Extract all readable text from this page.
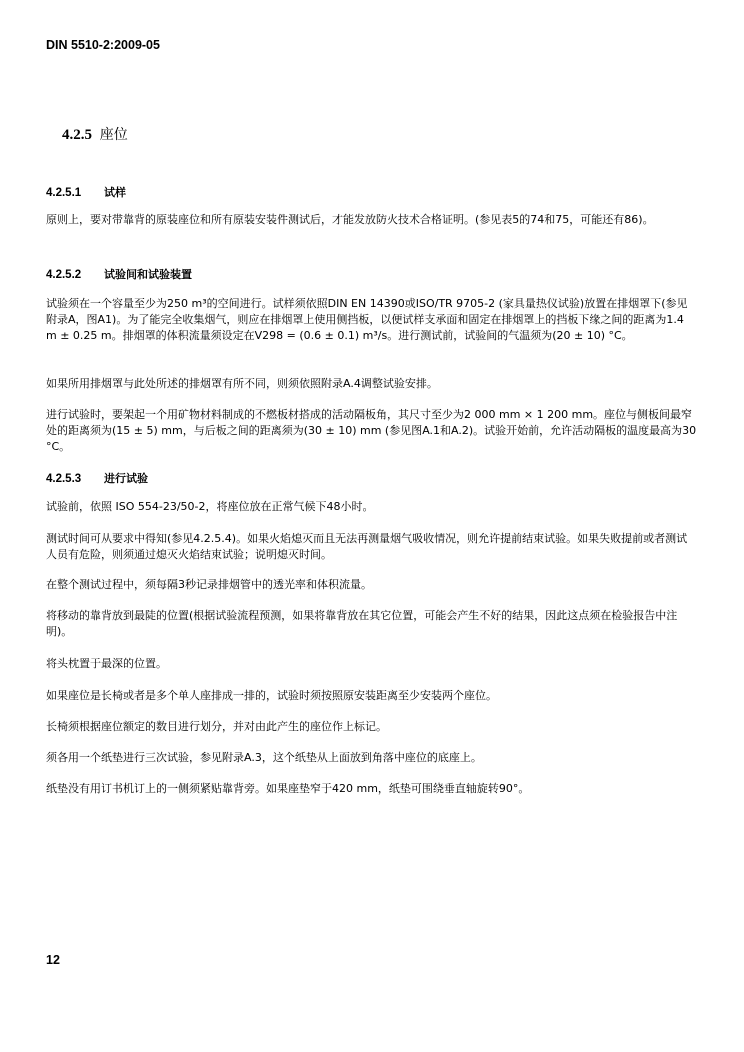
DIN 5510-2:2009-05
4.2.5 座位
4.2.5.1 试样

原则上，要对带靠背的原装座位和所有原装安装件测试后，才能发放防火技术合格证明。(参见表5的74和75，可能还有86)。

4.2.5.2 试验间和试验装置

试验须在一个容量至少为250 m³的空间进行。试样须依照DIN EN 14390或ISO/TR 9705-2 (家具量热仪试验)放置在排烟罩下(参见附录A，图A1)。为了能完全收集烟气，则应在排烟罩上使用侧挡板，以便试样支承面和固定在排烟罩上的挡板下缘之间的距离为1.4 m ± 0.25 m。排烟罩的体积流量须设定在V298 = (0.6 ± 0.1) m³/s。进行测试前，试验间的气温须为(20 ± 10) °C。

如果所用排烟罩与此处所述的排烟罩有所不同，则须依照附录A.4调整试验安排。

进行试验时，要架起一个用矿物材料制成的不燃板材搭成的活动隔板角，其尺寸至少为2 000 mm × 1 200 mm。座位与侧板间最窄处的距离须为(15 ± 5) mm，与后板之间的距离须为(30 ± 10) mm (参见图A.1和A.2)。试验开始前，允许活动隔板的温度最高为30 °C。

4.2.5.3 进行试验

试验前，依照 ISO 554-23/50-2，将座位放在正常气候下48小时。

测试时间可从要求中得知(参见4.2.5.4)。如果火焰熄灭而且无法再测量烟气吸收情况，则允许提前结束试验。如果失败提前或者测试人员有危险，则须通过熄灭火焰结束试验；说明熄灭时间。

在整个测试过程中，须每隔3秒记录排烟管中的透光率和体积流量。

将移动的靠背放到最陡的位置(根据试验流程预测，如果将靠背放在其它位置，可能会产生不好的结果，因此这点须在检验报告中注明)。

将头枕置于最深的位置。

如果座位是长椅或者是多个单人座排成一排的，试验时须按照原安装距离至少安装两个座位。

长椅须根据座位额定的数目进行划分，并对由此产生的座位作上标记。

须各用一个纸垫进行三次试验，参见附录A.3，这个纸垫从上面放到角落中座位的底座上。

纸垫没有用订书机订上的一侧须紧贴靠背旁。如果座垫窄于420 mm，纸垫可围绕垂直轴旋转90°。

12
